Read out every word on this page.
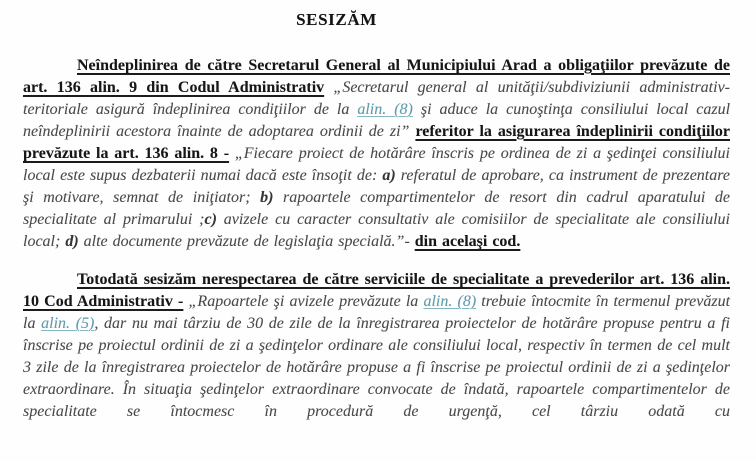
SESIZĂM

Neîndeplinirea de către Secretarul General al Municipiului Arad a obligaţiilor prevăzute de art. 136 alin. 9 din Codul Administrativ „Secretarul general al unităţii/subdiviziunii administrativ- teritoriale asigură îndeplinirea condiţiilor de la alin. (8) şi aduce la cunoştinţa consiliului local cazul neîndeplinirii acestora înainte de adoptarea ordinii de zi” referitor la asigurarea îndeplinirii condiţiilor prevăzute la art. 136 alin. 8 - „Fiecare proiect de hotărâre înscris pe ordinea de zi a şedinţei consiliului local este supus dezbaterii numai dacă este însoţit de: a) referatul de aprobare, ca instrument de prezentare şi motivare, semnat de iniţiator; b) rapoartele compartimentelor de resort din cadrul aparatului de specialitate al primarului ;c) avizele cu caracter consultativ ale comisiilor de specialitate ale consiliului local; d) alte documente prevăzute de legislaţia specială.”- din acelaşi cod.

Totodată sesizăm nerespectarea de către serviciile de specialitate a prevederilor art. 136 alin. 10 Cod Administrativ - „Rapoartele şi avizele prevăzute la alin. (8) trebuie întocmite în termenul prevăzut la alin. (5), dar nu mai târziu de 30 de zile de la înregistrarea proiectelor de hotărâre propuse pentru a fi înscrise pe proiectul ordinii de zi a şedinţelor ordinare ale consiliului local, respectiv în termen de cel mult 3 zile de la înregistrarea proiectelor de hotărâre propuse a fi înscrise pe proiectul ordinii de zi a şedinţelor extraordinare. În situaţia şedinţelor extraordinare convocate de îndată, rapoartele compartimentelor de specialitate se întocmesc în procedură de urgenţă, cel târziu odată cu
